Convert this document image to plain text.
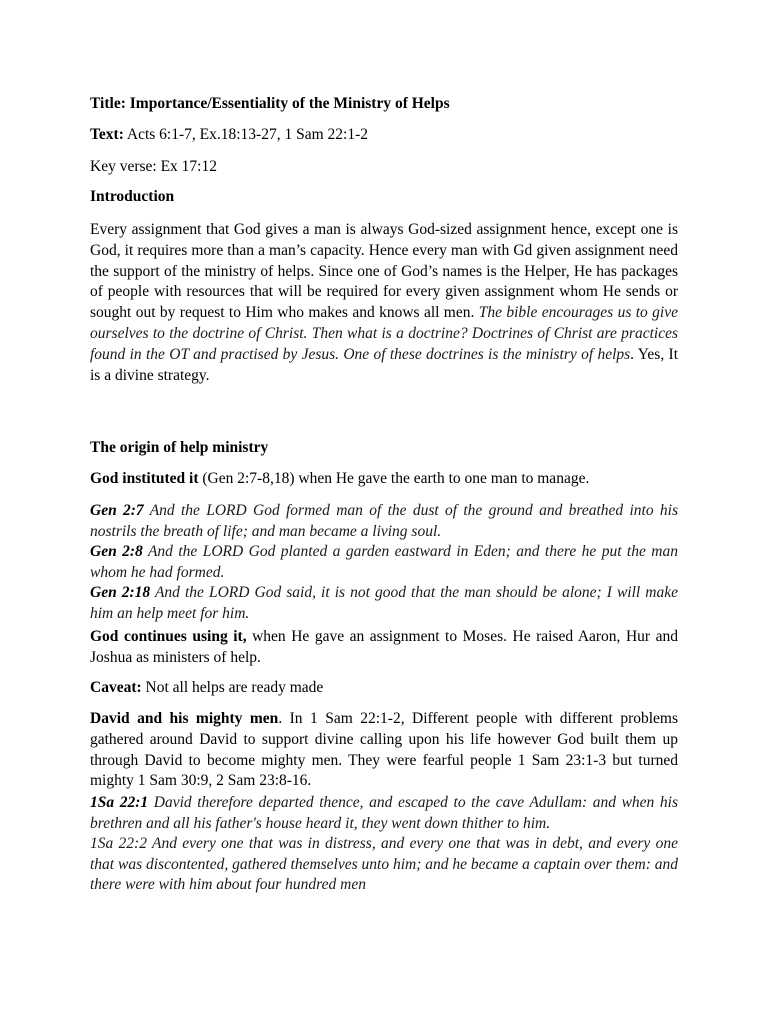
Title: Importance/Essentiality of the Ministry of Helps

Text: Acts 6:1-7, Ex.18:13-27, 1 Sam 22:1-2

Key verse: Ex 17:12

Introduction

Every assignment that God gives a man is always God-sized assignment hence, except one is God, it requires more than a man’s capacity. Hence every man with Gd given assignment need the support of the ministry of helps. Since one of God’s names is the Helper, He has packages of people with resources that will be required for every given assignment whom He sends or sought out by request to Him who makes and knows all men. The bible encourages us to give ourselves to the doctrine of Christ. Then what is a doctrine? Doctrines of Christ are practices found in the OT and practised by Jesus. One of these doctrines is the ministry of helps. Yes, It is a divine strategy.

The origin of help ministry

God instituted it (Gen 2:7-8,18) when He gave the earth to one man to manage.

Gen 2:7 And the LORD God formed man of the dust of the ground and breathed into his nostrils the breath of life; and man became a living soul.
Gen 2:8 And the LORD God planted a garden eastward in Eden; and there he put the man whom he had formed.
Gen 2:18 And the LORD God said, it is not good that the man should be alone; I will make him an help meet for him.

God continues using it, when He gave an assignment to Moses. He raised Aaron, Hur and Joshua as ministers of help.

Caveat: Not all helps are ready made

David and his mighty men. In 1 Sam 22:1-2, Different people with different problems gathered around David to support divine calling upon his life however God built them up through David to become mighty men. They were fearful people 1 Sam 23:1-3 but turned mighty 1 Sam 30:9, 2 Sam 23:8-16.

1Sa 22:1 David therefore departed thence, and escaped to the cave Adullam: and when his brethren and all his father's house heard it, they went down thither to him.
1Sa 22:2 And every one that was in distress, and every one that was in debt, and every one that was discontented, gathered themselves unto him; and he became a captain over them: and there were with him about four hundred men
